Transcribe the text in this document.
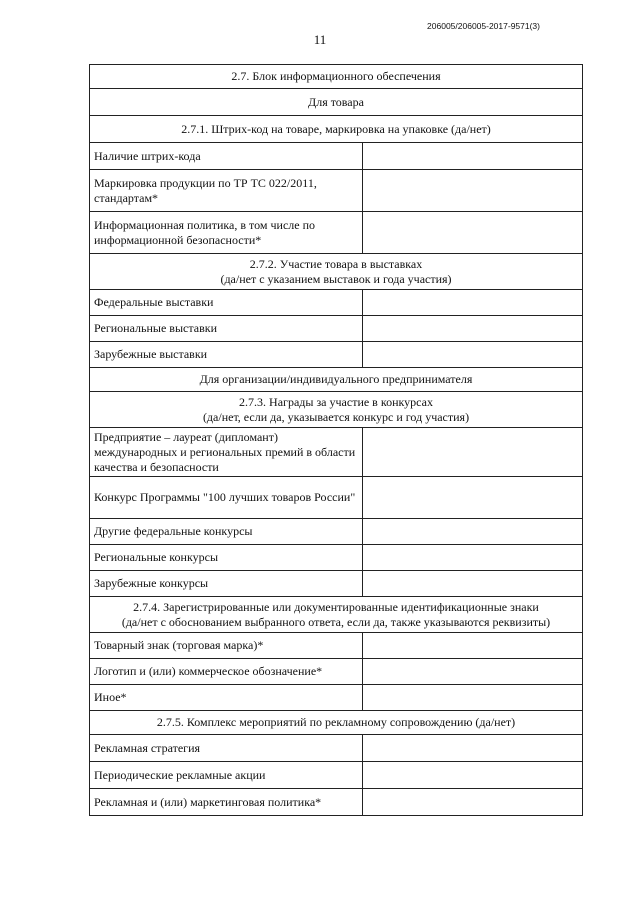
11
206005/206005-2017-9571(3)
2.7. Блок информационного обеспечения	
Для товара	
2.7.1. Штрих-код на товаре, маркировка на упаковке (да/нет)	
Наличие штрих-кода	
Маркировка продукции по ТР ТС 022/2011, стандартам*	
Информационная политика, в том числе по информационной безопасности*	

2.7.2. Участие товара в выставках
(да/нет с указанием выставок и года участия)	

Федеральные выставки	
Региональные выставки	
Зарубежные выставки	
Для организации/индивидуального предпринимателя	

2.7.3. Награды за участие в конкурсах
(да/нет, если да, указывается конкурс и год участия)	

Предприятие – лауреат (дипломант) международных и региональных премий в области качества и безопасности	
Конкурс Программы "100 лучших товаров России"	
Другие федеральные конкурсы	
Региональные конкурсы	
Зарубежные конкурсы	

2.7.4. Зарегистрированные или документированные идентификационные знаки
(да/нет с обоснованием выбранного ответа, если да, также указываются реквизиты)	

Товарный знак (торговая марка)*	
Логотип и (или) коммерческое обозначение*	
Иное*	
2.7.5. Комплекс мероприятий по рекламному сопровождению (да/нет)	
Рекламная стратегия	
Периодические рекламные акции	
Рекламная и (или) маркетинговая политика*	
